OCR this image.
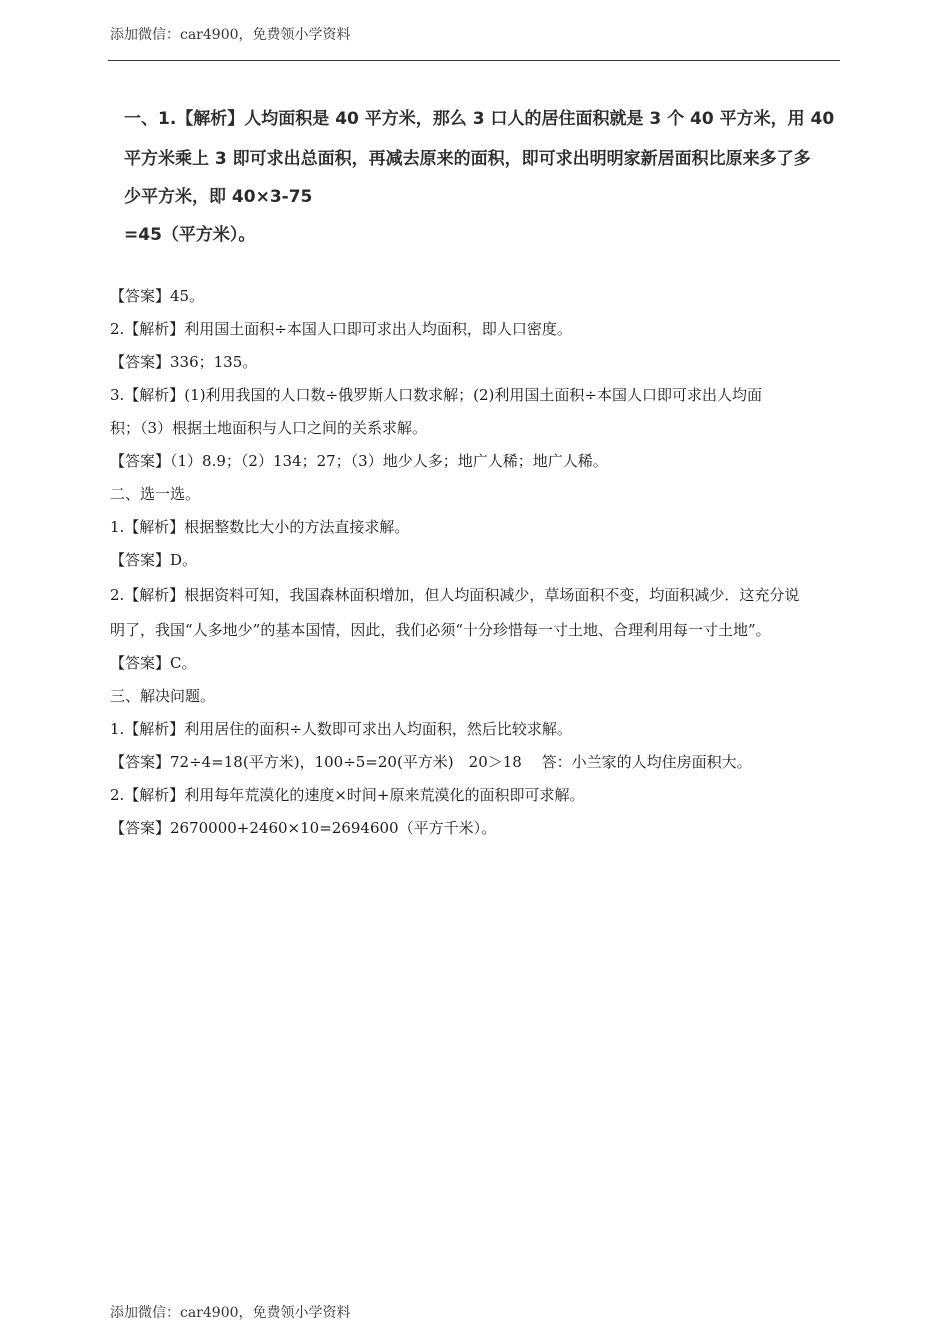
添加微信：car4900，免费领小学资料
一、1.【解析】人均面积是 40 平方米，那么 3 口人的居住面积就是 3 个 40 平方米，用 40
平方米乘上 3 即可求出总面积，再减去原来的面积，即可求出明明家新居面积比原来多了多
少平方米，即 40×3-75
=45（平方米）。
【答案】45。
2.【解析】利用国土面积÷本国人口即可求出人均面积，即人口密度。
【答案】336；135。
3.【解析】(1)利用我国的人口数÷俄罗斯人口数求解；(2)利用国土面积÷本国人口即可求出人均面
积；（3）根据土地面积与人口之间的关系求解。
【答案】（1）8.9；（2）134；27；（3）地少人多；地广人稀；地广人稀。
二、选一选。
1.【解析】根据整数比大小的方法直接求解。
【答案】D。
2.【解析】根据资料可知，我国森林面积增加，但人均面积减少，草场面积不变，均面积减少．这充分说
明了，我国“人多地少”的基本国情，因此，我们必须“十分珍惜每一寸土地、合理利用每一寸土地”。
【答案】C。
三、解决问题。
1.【解析】利用居住的面积÷人数即可求出人均面积，然后比较求解。
【答案】72÷4=18(平方米)，100÷5=20(平方米)　20＞18　 答：小兰家的人均住房面积大。
2.【解析】利用每年荒漠化的速度×时间+原来荒漠化的面积即可求解。
【答案】2670000+2460×10=2694600（平方千米）。
添加微信：car4900，免费领小学资料
